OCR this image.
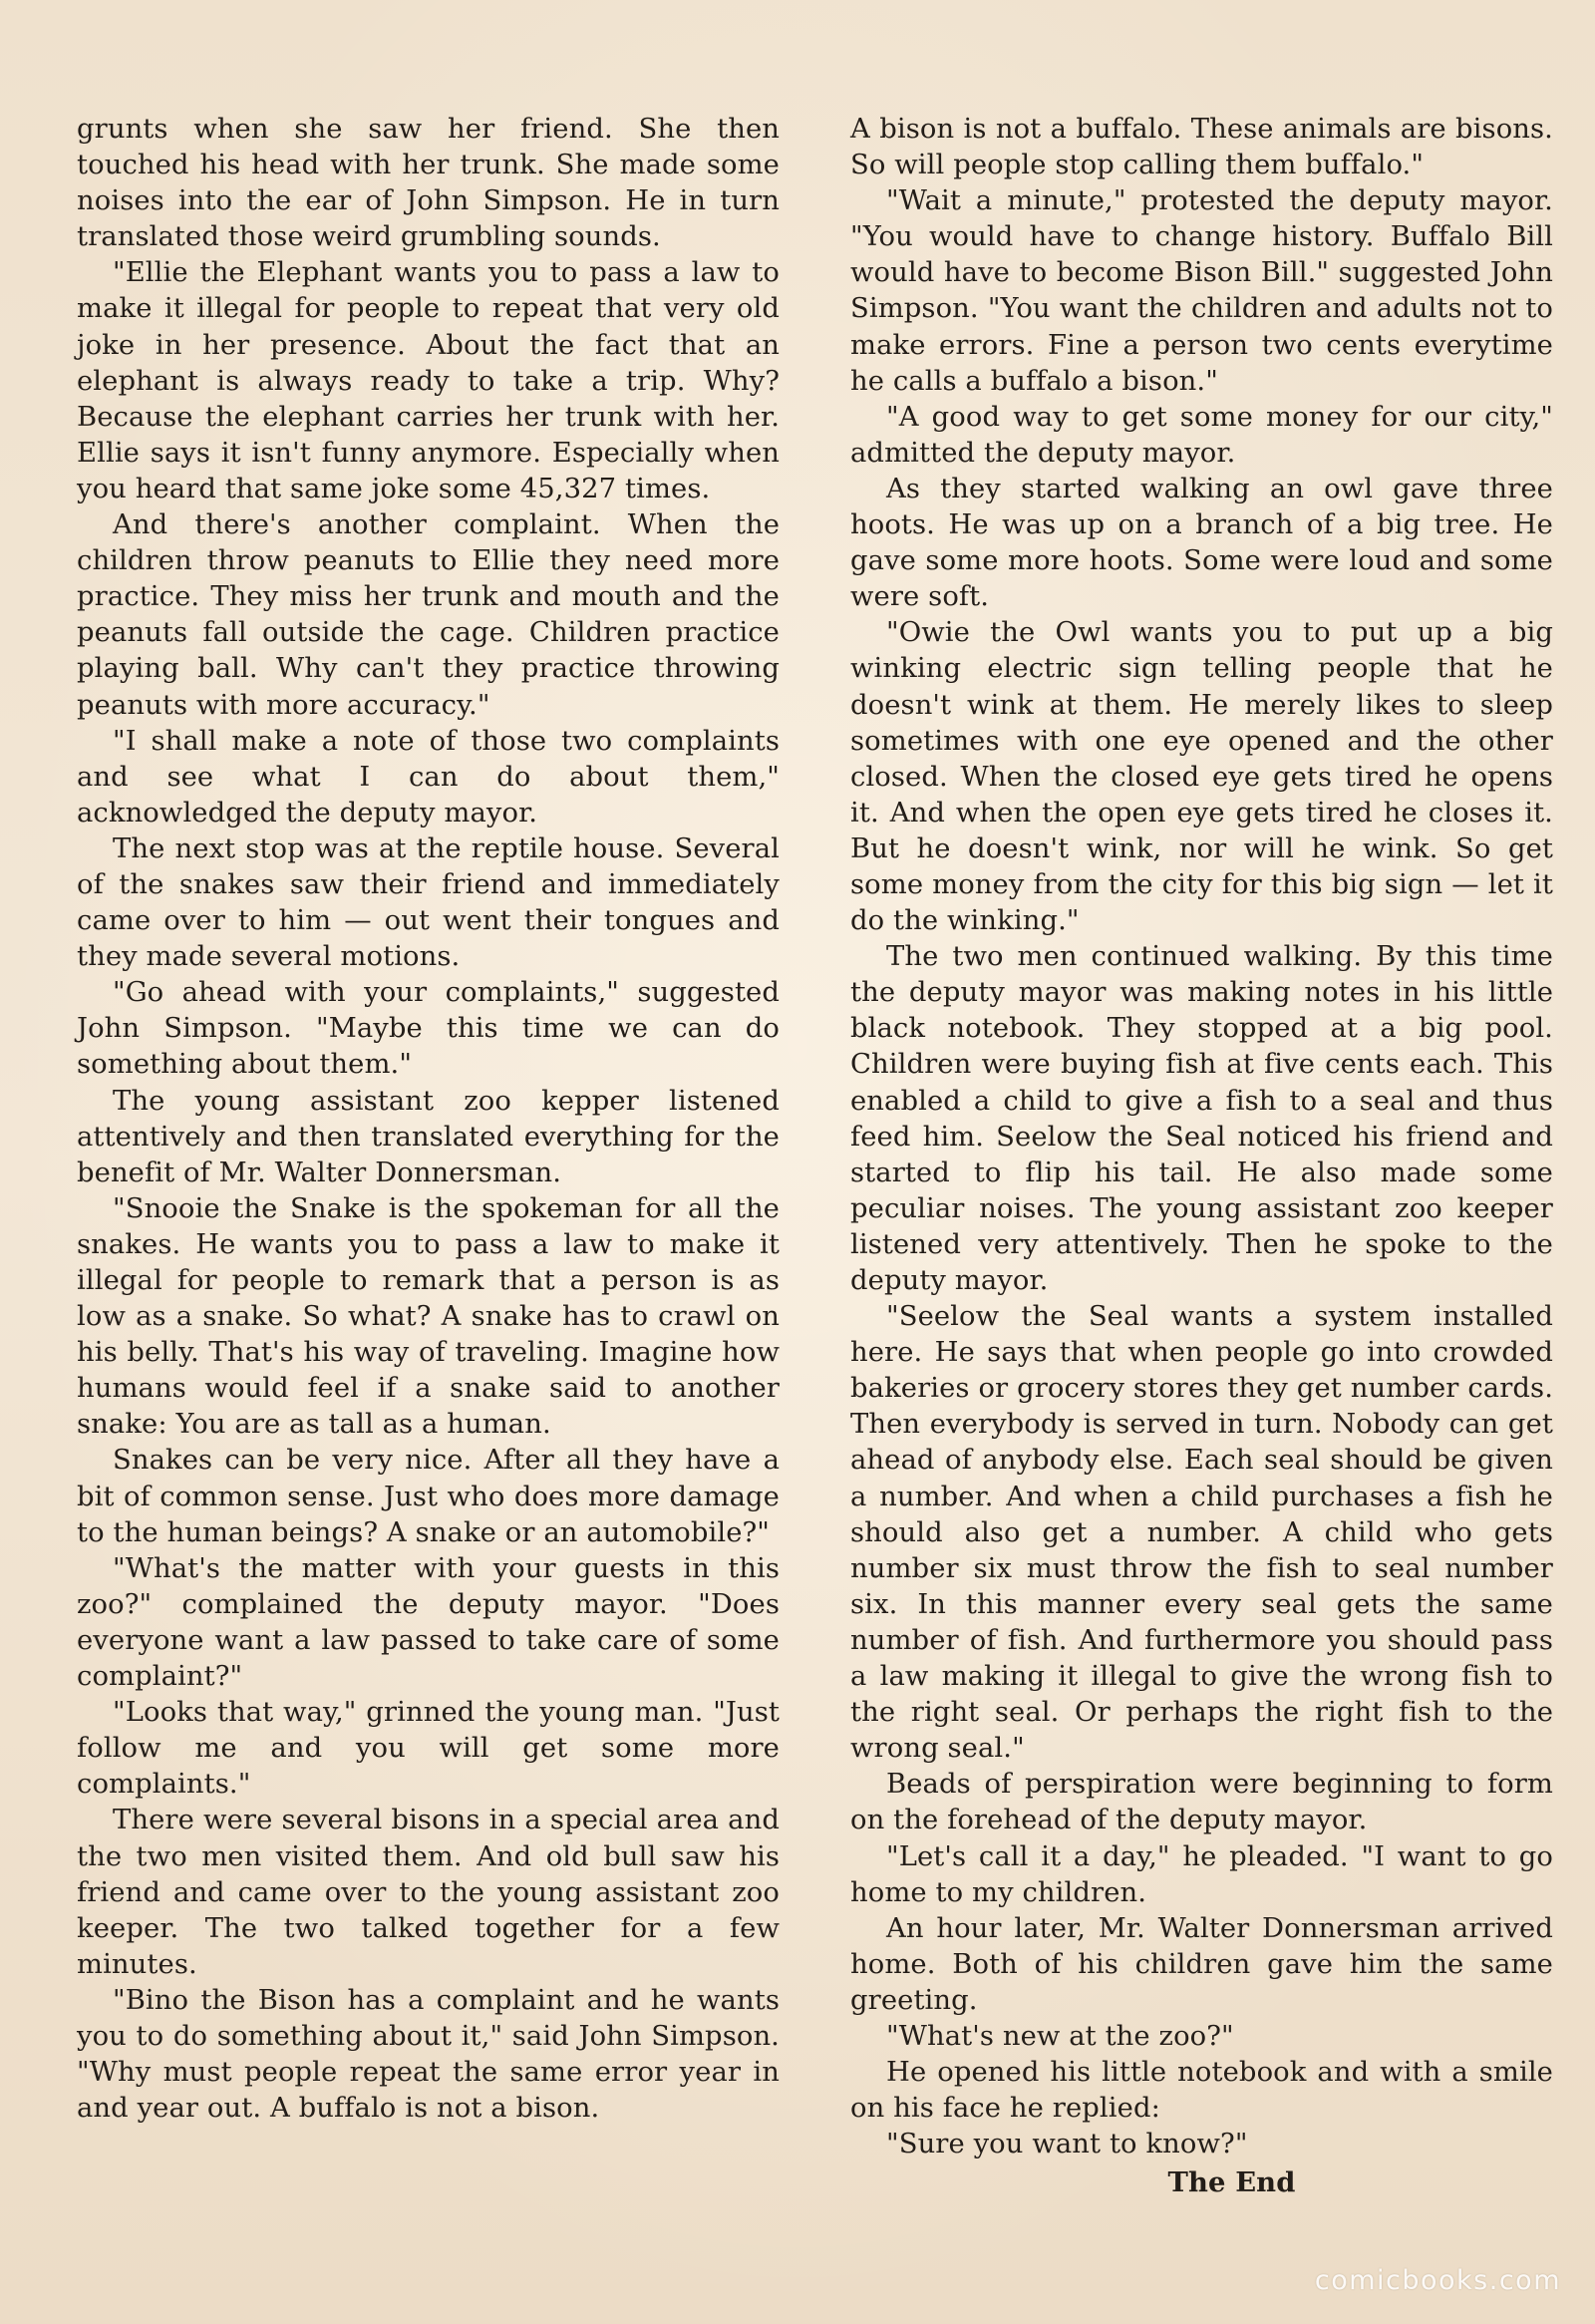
grunts when she saw her friend. She then touched his head with her trunk. She made some noises into the ear of John Simpson. He in turn translated those weird grumbling sounds.

"Ellie the Elephant wants you to pass a law to make it illegal for people to repeat that very old joke in her presence. About the fact that an elephant is always ready to take a trip. Why? Because the elephant carries her trunk with her. Ellie says it isn't funny anymore. Especially when you heard that same joke some 45,327 times.

And there's another complaint. When the children throw peanuts to Ellie they need more practice. They miss her trunk and mouth and the peanuts fall outside the cage. Children practice playing ball. Why can't they practice throwing peanuts with more accuracy."

"I shall make a note of those two complaints and see what I can do about them," acknowledged the deputy mayor.

The next stop was at the reptile house. Several of the snakes saw their friend and immediately came over to him — out went their tongues and they made several motions.

"Go ahead with your complaints," suggested John Simpson. "Maybe this time we can do something about them."

The young assistant zoo kepper listened attentively and then translated everything for the benefit of Mr. Walter Donnersman.

"Snooie the Snake is the spokeman for all the snakes. He wants you to pass a law to make it illegal for people to remark that a person is as low as a snake. So what? A snake has to crawl on his belly. That's his way of traveling. Imagine how humans would feel if a snake said to another snake: You are as tall as a human.

Snakes can be very nice. After all they have a bit of common sense. Just who does more damage to the human beings? A snake or an automobile?"

"What's the matter with your guests in this zoo?" complained the deputy mayor. "Does everyone want a law passed to take care of some complaint?"

"Looks that way," grinned the young man. "Just follow me and you will get some more complaints."

There were several bisons in a special area and the two men visited them. And old bull saw his friend and came over to the young assistant zoo keeper. The two talked together for a few minutes.

"Bino the Bison has a complaint and he wants you to do something about it," said John Simpson. "Why must people repeat the same error year in and year out. A buffalo is not a bison.

A bison is not a buffalo. These animals are bisons. So will people stop calling them buffalo."

"Wait a minute," protested the deputy mayor. "You would have to change history. Buffalo Bill would have to become Bison Bill." suggested John Simpson. "You want the children and adults not to make errors. Fine a person two cents everytime he calls a buffalo a bison."

"A good way to get some money for our city," admitted the deputy mayor.

As they started walking an owl gave three hoots. He was up on a branch of a big tree. He gave some more hoots. Some were loud and some were soft.

"Owie the Owl wants you to put up a big winking electric sign telling people that he doesn't wink at them. He merely likes to sleep sometimes with one eye opened and the other closed. When the closed eye gets tired he opens it. And when the open eye gets tired he closes it. But he doesn't wink, nor will he wink. So get some money from the city for this big sign — let it do the winking."

The two men continued walking. By this time the deputy mayor was making notes in his little black notebook. They stopped at a big pool. Children were buying fish at five cents each. This enabled a child to give a fish to a seal and thus feed him. Seelow the Seal noticed his friend and started to flip his tail. He also made some peculiar noises. The young assistant zoo keeper listened very attentively. Then he spoke to the deputy mayor.

"Seelow the Seal wants a system installed here. He says that when people go into crowded bakeries or grocery stores they get number cards. Then everybody is served in turn. Nobody can get ahead of anybody else. Each seal should be given a number. And when a child purchases a fish he should also get a number. A child who gets number six must throw the fish to seal number six. In this manner every seal gets the same number of fish. And furthermore you should pass a law making it illegal to give the wrong fish to the right seal. Or perhaps the right fish to the wrong seal."

Beads of perspiration were beginning to form on the forehead of the deputy mayor.

"Let's call it a day," he pleaded. "I want to go home to my children.

An hour later, Mr. Walter Donnersman arrived home. Both of his children gave him the same greeting.

"What's new at the zoo?"

He opened his little notebook and with a smile on his face he replied:

"Sure you want to know?"

The End
comicbooks.com
